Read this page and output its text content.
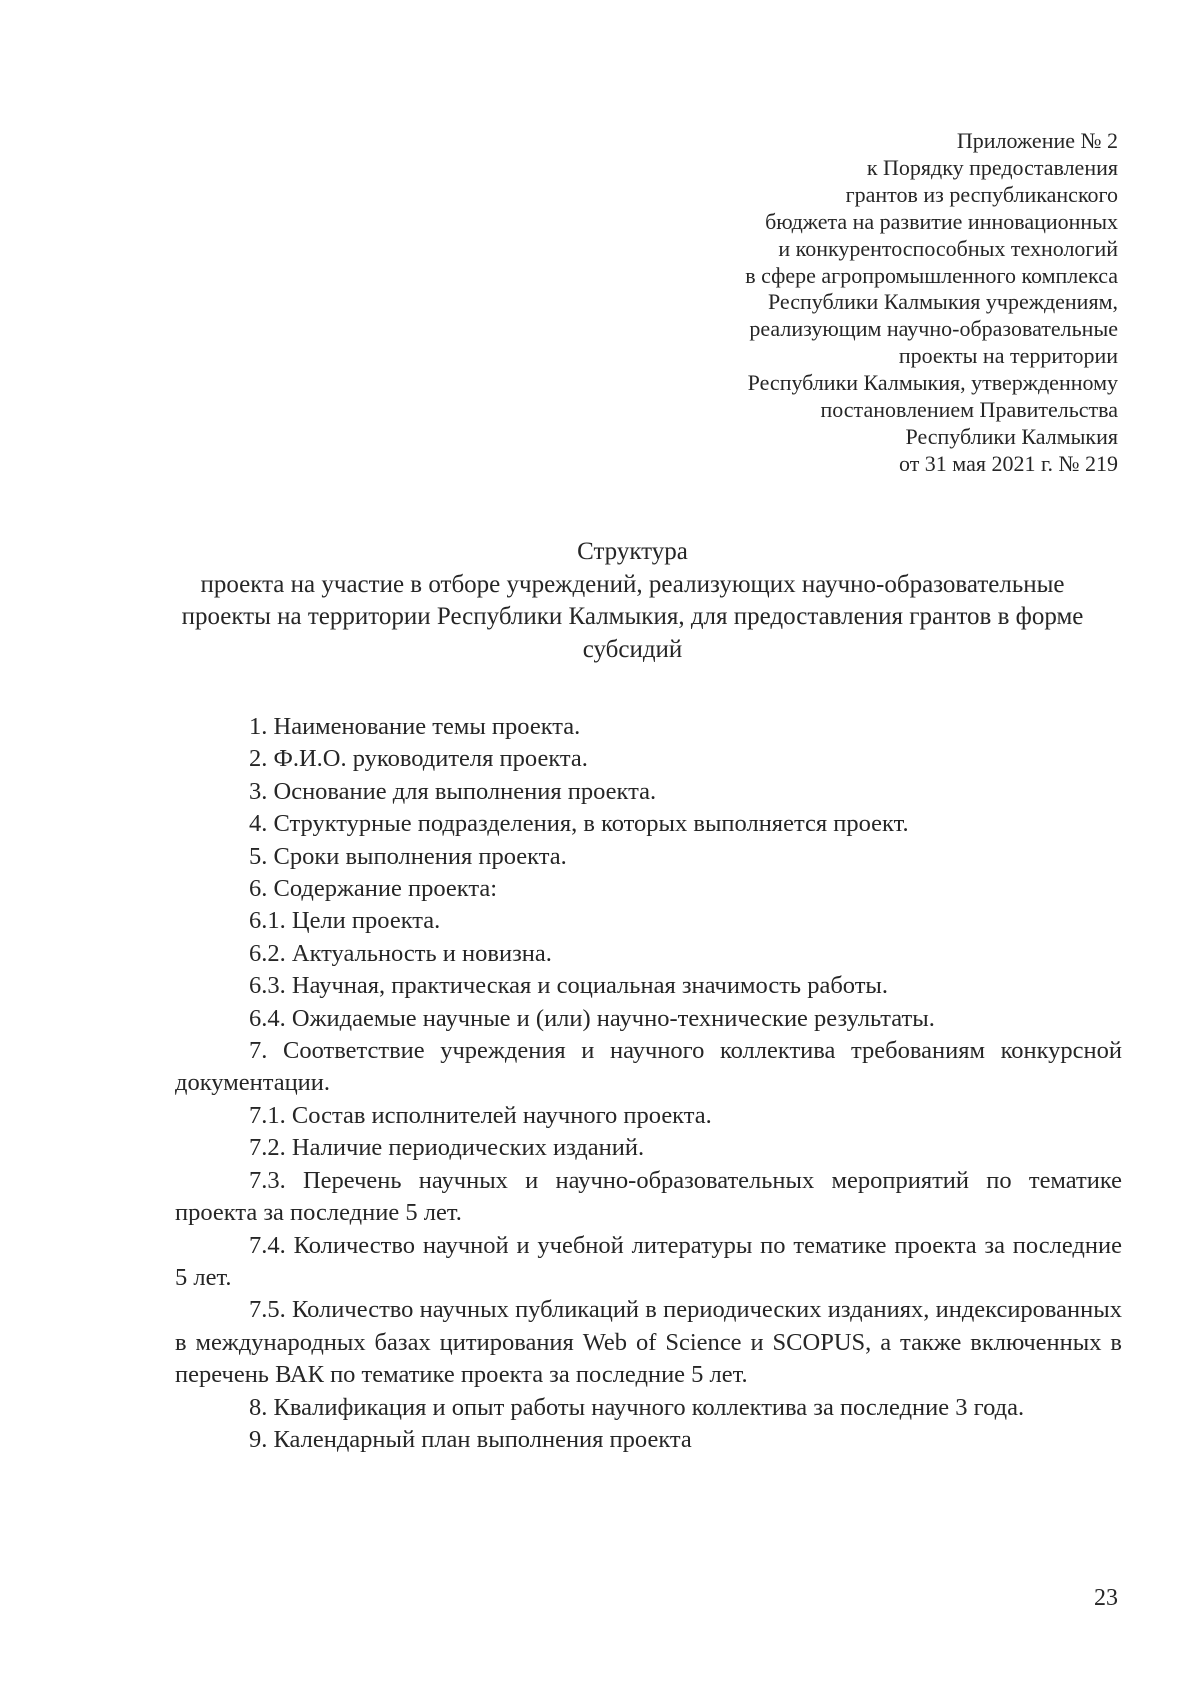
Приложение № 2
к Порядку предоставления
грантов из республиканского
бюджета на развитие инновационных
и конкурентоспособных технологий
в сфере агропромышленного комплекса
Республики Калмыкия учреждениям,
реализующим научно-образовательные
проекты на территории
Республики Калмыкия, утвержденному
постановлением Правительства
Республики Калмыкия
от 31 мая 2021 г. № 219
Структура
проекта на участие в отборе учреждений, реализующих научно-образовательные проекты на территории Республики Калмыкия, для предоставления грантов в форме субсидий

1. Наименование темы проекта.

2. Ф.И.О. руководителя проекта.

3. Основание для выполнения проекта.

4. Структурные подразделения, в которых выполняется проект.

5. Сроки выполнения проекта.

6. Содержание проекта:

6.1. Цели проекта.

6.2. Актуальность и новизна.

6.3. Научная, практическая и социальная значимость работы.

6.4. Ожидаемые научные и (или) научно-технические результаты.

7. Соответствие учреждения и научного коллектива требованиям конкурсной документации.

7.1. Состав исполнителей научного проекта.

7.2. Наличие периодических изданий.

7.3. Перечень научных и научно-образовательных мероприятий по тематике проекта за последние 5 лет.

7.4. Количество научной и учебной литературы по тематике проекта за последние 5 лет.

7.5. Количество научных публикаций в периодических изданиях, индексированных в международных базах цитирования Web of Science и SCOPUS, а также включенных в перечень ВАК по тематике проекта за последние 5 лет.

8. Квалификация и опыт работы научного коллектива за последние 3 года.

9. Календарный план выполнения проекта

23
